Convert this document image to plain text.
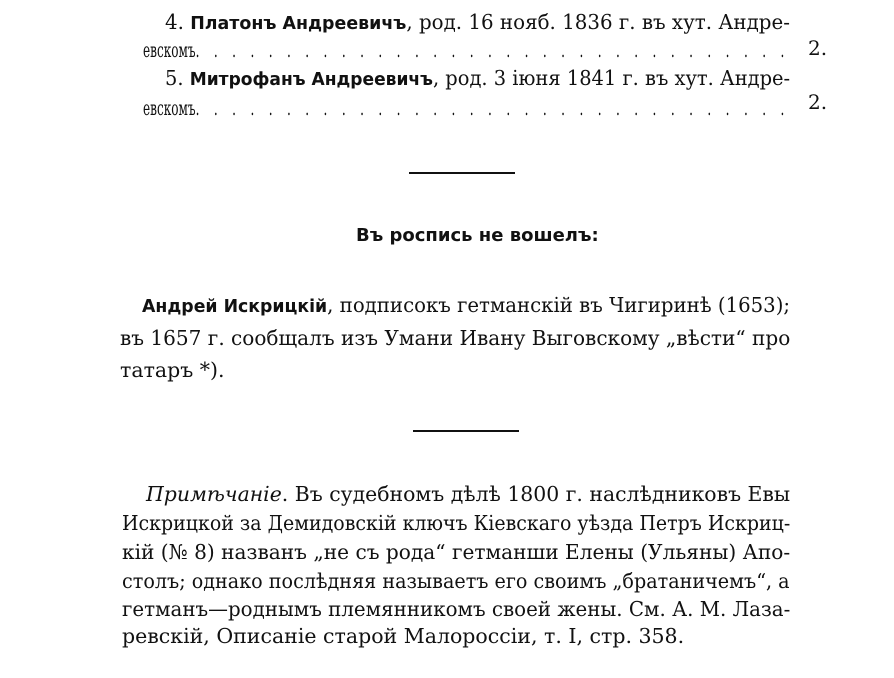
4. Платонъ Андреевичъ, род. 16 нояб. 1836 г. въ хут. Андре-
евскомъ. . . . . . . . . . . . . . . . . . . . . . . . . . . . . . . . . 2.
5. Митрофанъ Андреевичъ, род. 3 іюня 1841 г. въ хут. Андре-
евскомъ. . . . . . . . . . . . . . . . . . . . . . . . . . . . . . . . . 2.
Въ роспись не вошелъ:
Андрей Искрицкій, подписокъ гетманскій въ Чигиринѣ (1653);
въ 1657 г. сообщалъ изъ Умани Ивану Выговскому „вѣсти“ про
татаръ *).
Примѣчаніе. Въ судебномъ дѣлѣ 1800 г. наслѣдниковъ Евы
Искрицкой за Демидовскій ключъ Кіевскаго уѣзда Петръ Искриц-
кій (№ 8) названъ „не съ рода“ гетманши Елены (Ульяны) Апо-
столъ; однако послѣдняя называетъ его своимъ „братаничемъ“, а
гетманъ—роднымъ племянникомъ своей жены. См. А. М. Лаза-
ревскій, Описаніе старой Малороссіи, т. I, стр. 358.
